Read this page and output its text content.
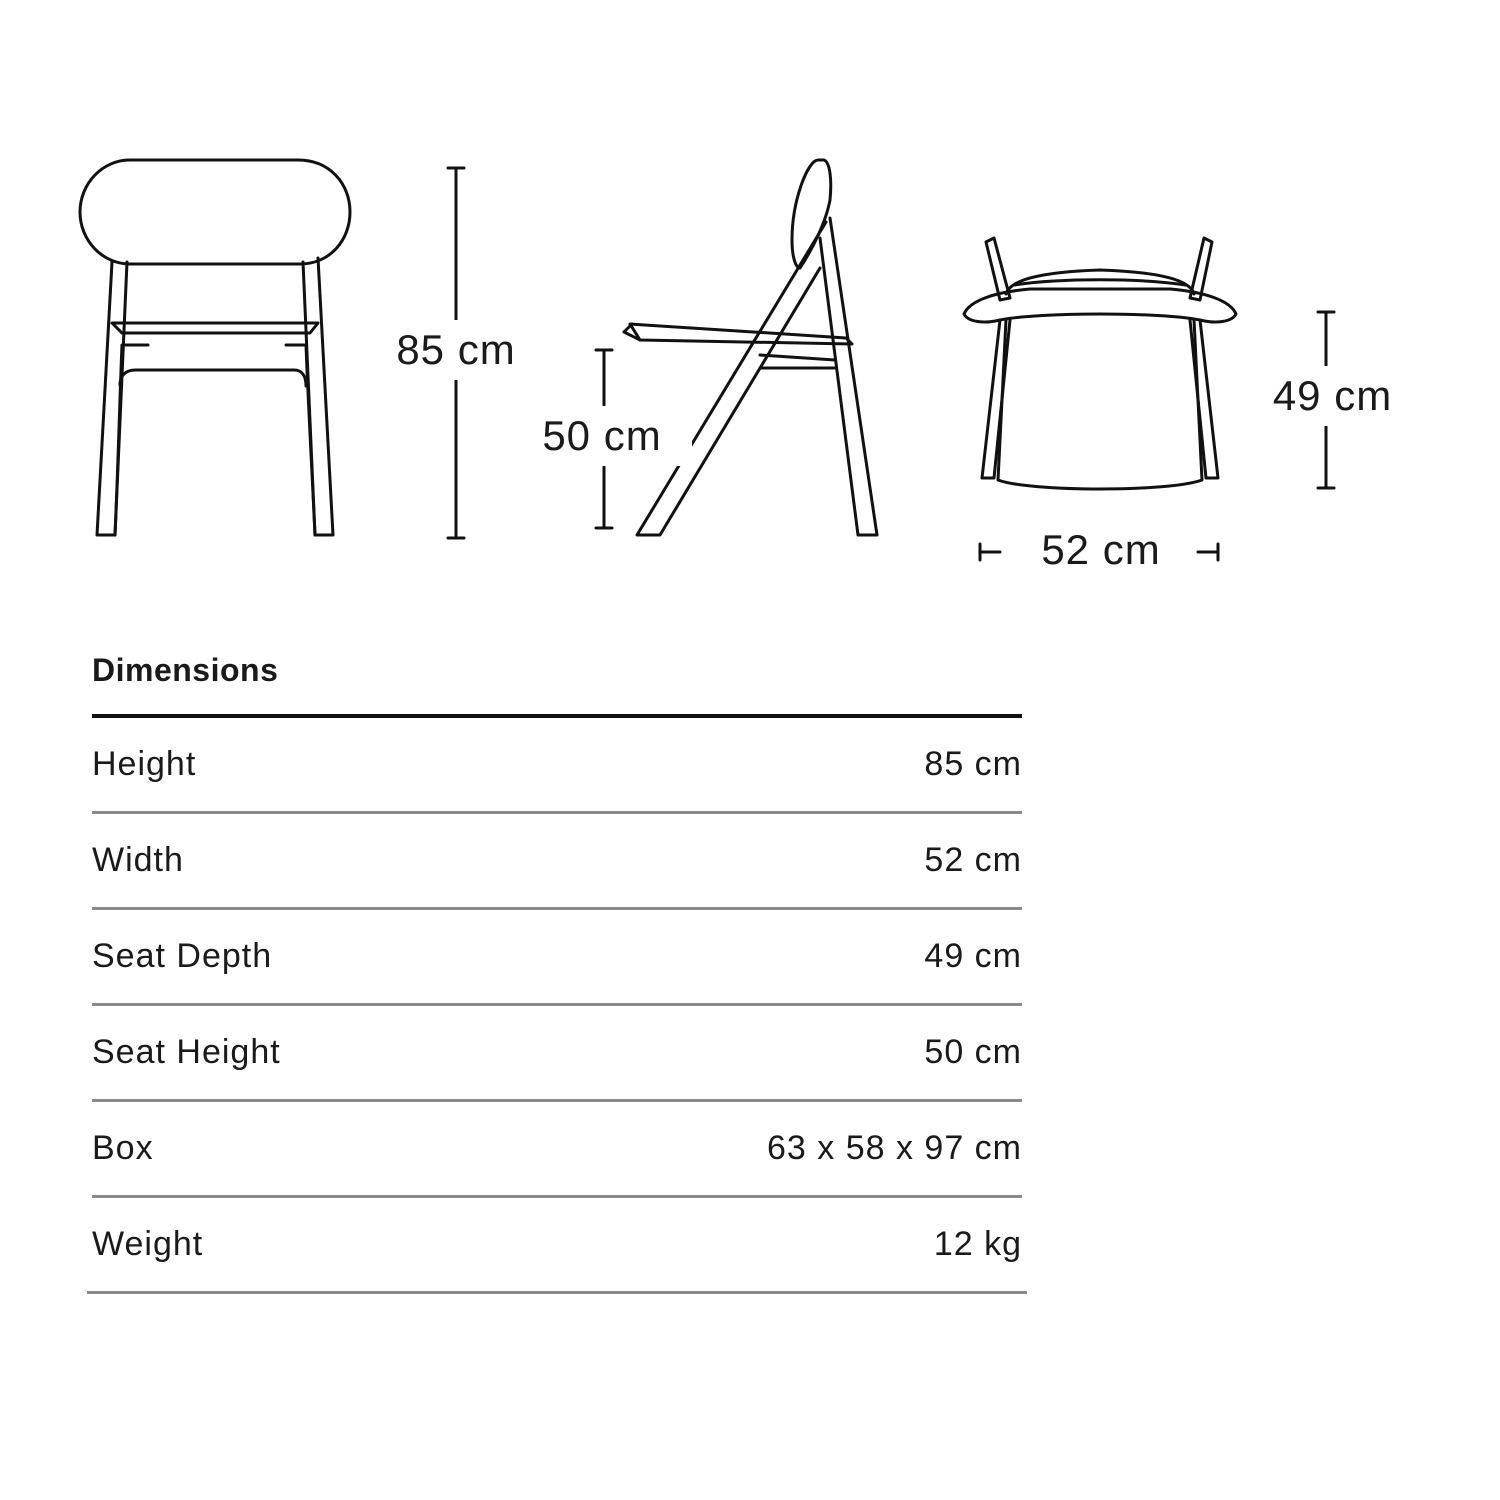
85 cm
50 cm
52 cm
49 cm
Dimensions
Height	85 cm
Width	52 cm
Seat Depth	49 cm
Seat Height	50 cm
Box	63 x 58 x 97 cm
Weight	12 kg
